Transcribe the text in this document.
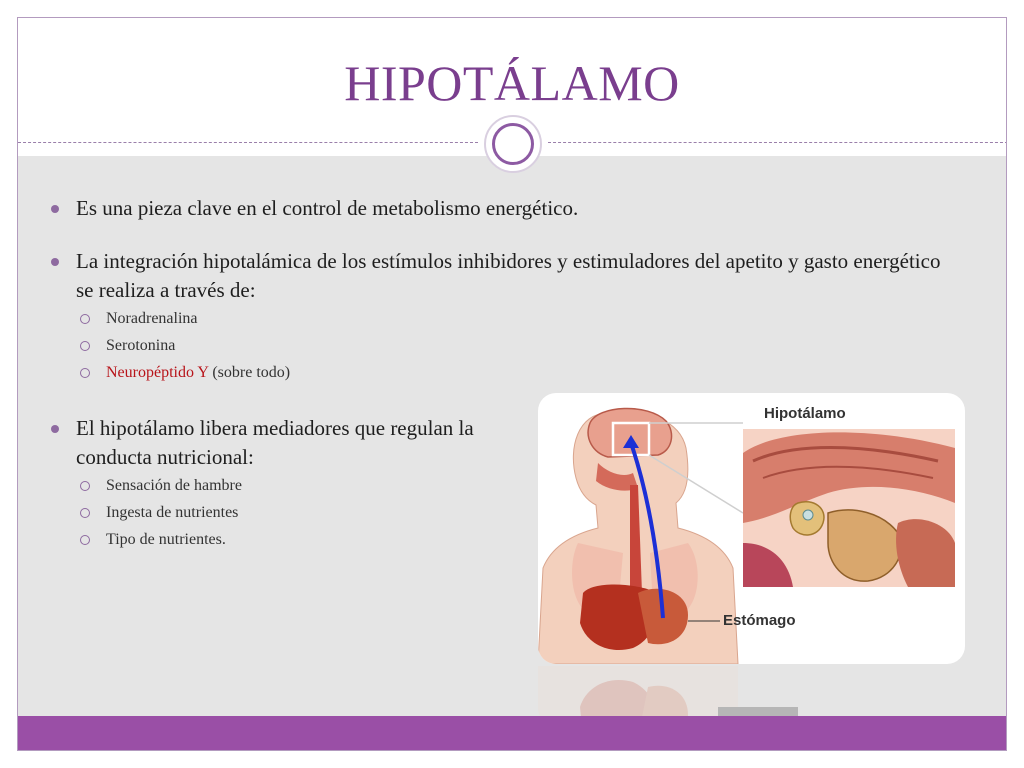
HIPOTÁLAMO
Es una pieza clave en el control de metabolismo energético.
La integración hipotalámica de los estímulos inhibidores y estimuladores del apetito y gasto energético se realiza a través de:
Noradrenalina
Serotonina
Neuropéptido Y (sobre todo)
El hipotálamo libera mediadores que regulan la conducta nutricional:
Sensación de hambre
Ingesta de nutrientes
Tipo de nutrientes.
Hipotálamo
Estómago
